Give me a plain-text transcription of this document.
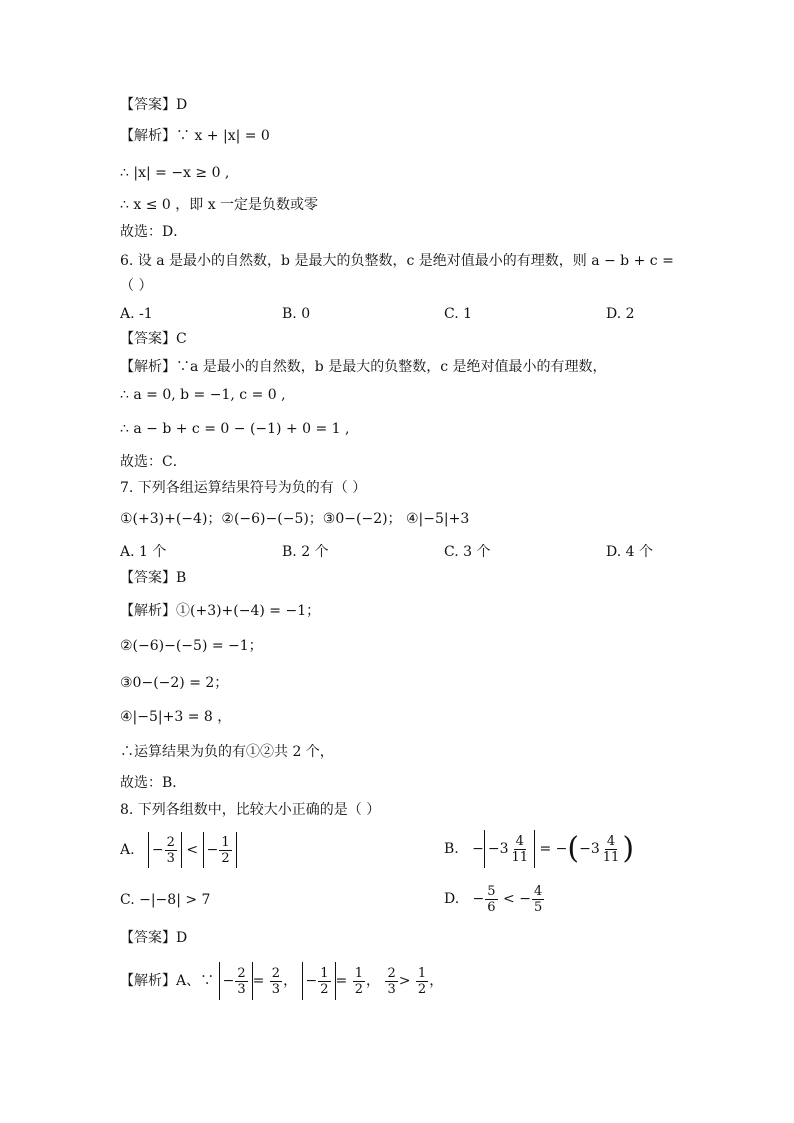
【答案】D
【解析】∵ x + |x| = 0
∴ |x| = −x ≥ 0 ,
∴ x ≤ 0 ，即 x 一定是负数或零
故选：D．
6. 设 a 是最小的自然数，b 是最大的负整数，c 是绝对值最小的有理数，则 a − b + c =
（ ）
A. -1	B. 0	C. 1	D. 2
【答案】C
【解析】∵a 是最小的自然数，b 是最大的负整数，c 是绝对值最小的有理数，
∴ a = 0, b = −1, c = 0 ,
∴ a − b + c = 0 − (−1) + 0 = 1 ,
故选：C．
7. 下列各组运算结果符号为负的有（ ）
①(+3)+(−4)；②(−6)−(−5)；③0−(−2)； ④|−5|+3
A. 1 个	B. 2 个	C. 3 个	D. 4 个
【答案】B
【解析】①(+3)+(−4) = −1；
②(−6)−(−5) = −1；
③0−(−2) = 2；
④|−5|+3 = 8 ，
∴运算结果为负的有①②共 2 个，
故选：B．
8. 下列各组数中，比较大小正确的是（ ）
A. − $\frac{2}{3}$ < − $\frac{1}{2}$	B.   − $-3 \frac{4}{11} = -(-3 \frac{4}{11}$ )
C. −|−8| > 7	D.   − $\frac{5}{6}$ < − $\frac{4}{5}$
【答案】D
【解析】A、∵ − $\frac{2}{3} = \frac{2}{3}$ ， − $\frac{1}{2} = \frac{1}{2}$ ， $\frac{2}{3} > \frac{1}{2}$ ，
